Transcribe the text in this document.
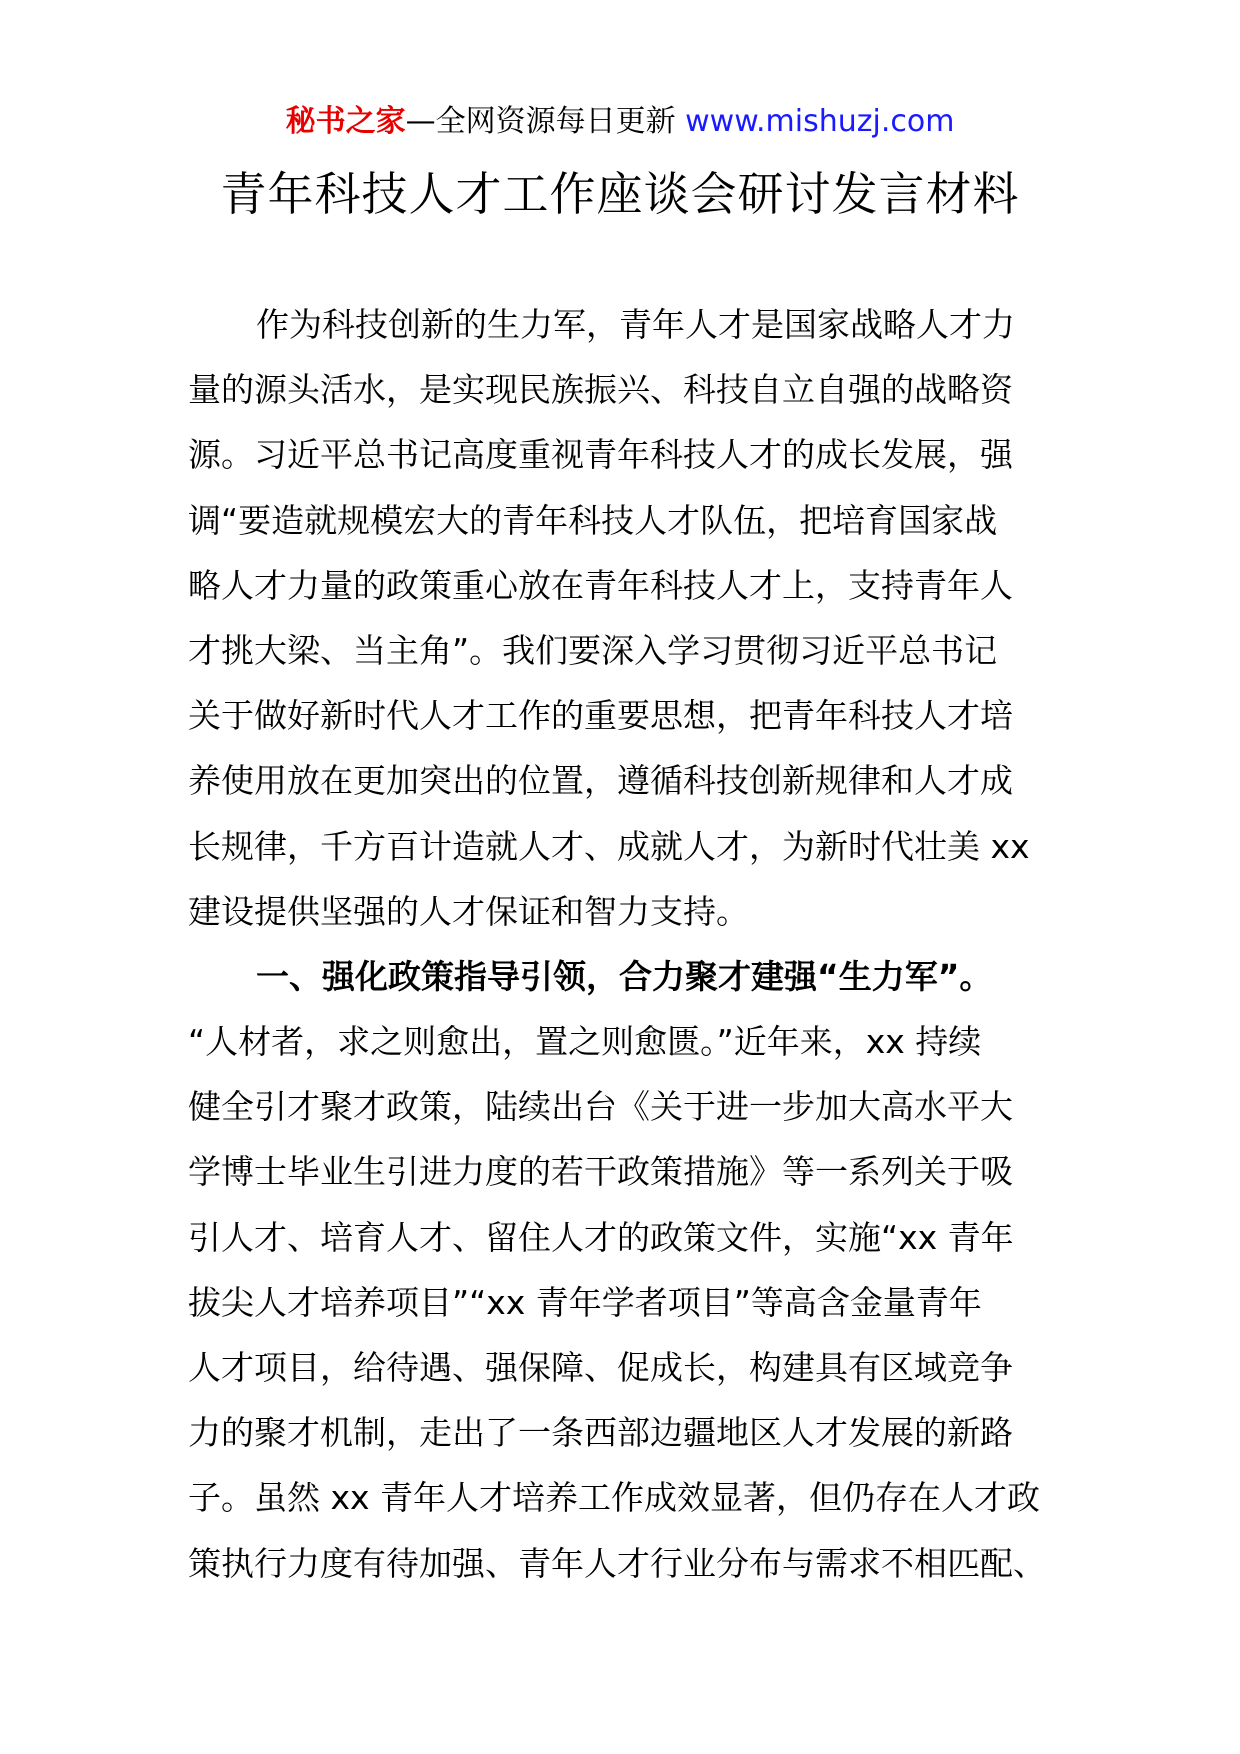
秘书之家—全网资源每日更新 www.mishuzj.com
青年科技人才工作座谈会研讨发言材料
作为科技创新的生力军，青年人才是国家战略人才力
量的源头活水，是实现民族振兴、科技自立自强的战略资
源。习近平总书记高度重视青年科技人才的成长发展，强
调“要造就规模宏大的青年科技人才队伍，把培育国家战
略人才力量的政策重心放在青年科技人才上，支持青年人
才挑大梁、当主角”。我们要深入学习贯彻习近平总书记
关于做好新时代人才工作的重要思想，把青年科技人才培
养使用放在更加突出的位置，遵循科技创新规律和人才成
长规律，千方百计造就人才、成就人才，为新时代壮美 xx
建设提供坚强的人才保证和智力支持。
一、强化政策指导引领，合力聚才建强“生力军”。
“人材者，求之则愈出，置之则愈匮。”近年来，xx 持续
健全引才聚才政策，陆续出台《关于进一步加大高水平大
学博士毕业生引进力度的若干政策措施》等一系列关于吸
引人才、培育人才、留住人才的政策文件，实施“xx 青年
拔尖人才培养项目”“xx 青年学者项目”等高含金量青年
人才项目，给待遇、强保障、促成长，构建具有区域竞争
力的聚才机制，走出了一条西部边疆地区人才发展的新路
子。虽然 xx 青年人才培养工作成效显著，但仍存在人才政
策执行力度有待加强、青年人才行业分布与需求不相匹配、
